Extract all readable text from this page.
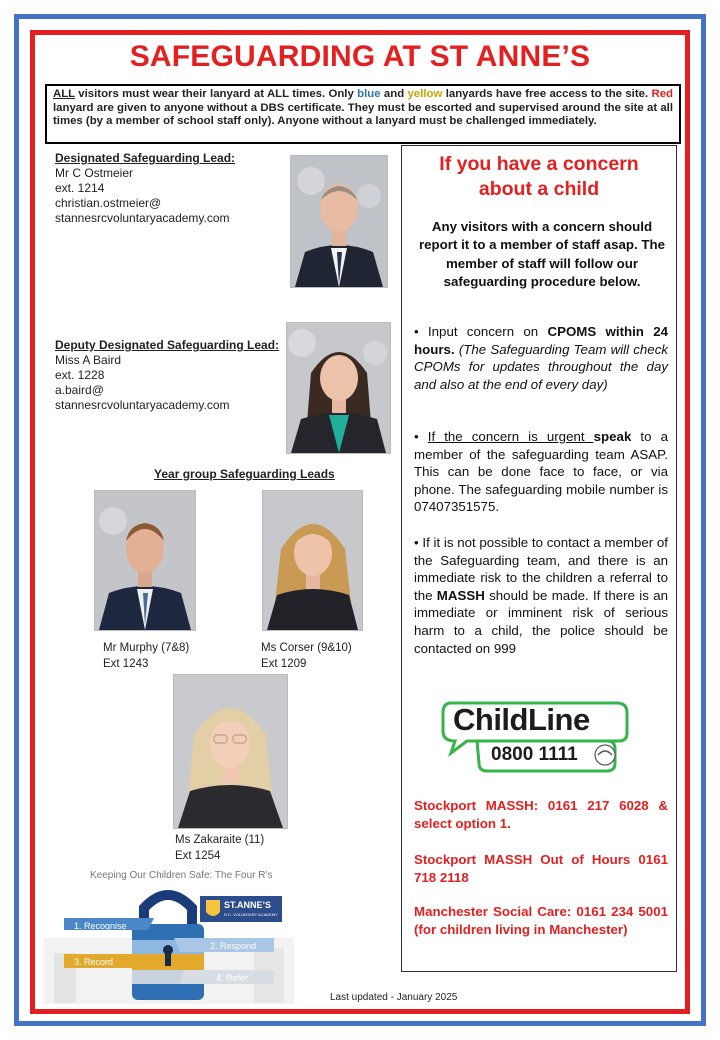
SAFEGUARDING AT ST ANNE’S
ALL visitors must wear their lanyard at ALL times. Only blue and yellow lanyards have free access to the site. Red lanyard are given to anyone without a DBS certificate. They must be escorted and supervised around the site at all times (by a member of school staff only). Anyone without a lanyard must be challenged immediately.
Designated Safeguarding Lead:
Mr C Ostmeier
ext. 1214
christian.ostmeier@
stannesrcvoluntaryacademy.com
Deputy Designated Safeguarding Lead:
Miss A Baird
ext. 1228
a.baird@
stannesrcvoluntaryacademy.com
Year group Safeguarding Leads
Mr Murphy (7&8)
Ext 1243
Ms Corser (9&10)
Ext 1209
Ms Zakaraite (11)
Ext 1254
Keeping Our Children Safe: The Four R’s
1. Recognise
2. Respond
3. Record
4. Refer
ST.ANNE’S
R.C. VOLUNTARY ACADEMY
If you have a concern
about a child
Any visitors with a concern should report it to a member of staff asap. The member of staff will follow our safeguarding procedure below.
• Input concern on CPOMS within 24 hours. (The Safeguarding Team will check CPOMs for updates throughout the day and also at the end of every day)
• If the concern is urgent speak to a member of the safeguarding team ASAP. This can be done face to face, or via phone. The safeguarding mobile number is 07407351575.
• If it is not possible to contact a member of the Safeguarding team, and there is an immediate risk to the children a referral to the MASSH should be made. If there is an immediate or imminent risk of serious harm to a child, the police should be contacted on 999
ChildLine
0800 1111
Stockport MASSH: 0161 217 6028 & select option 1.
Stockport MASSH Out of Hours 0161 718 2118
Manchester Social Care: 0161 234 5001 (for children living in Manchester)
Last updated - January 2025
